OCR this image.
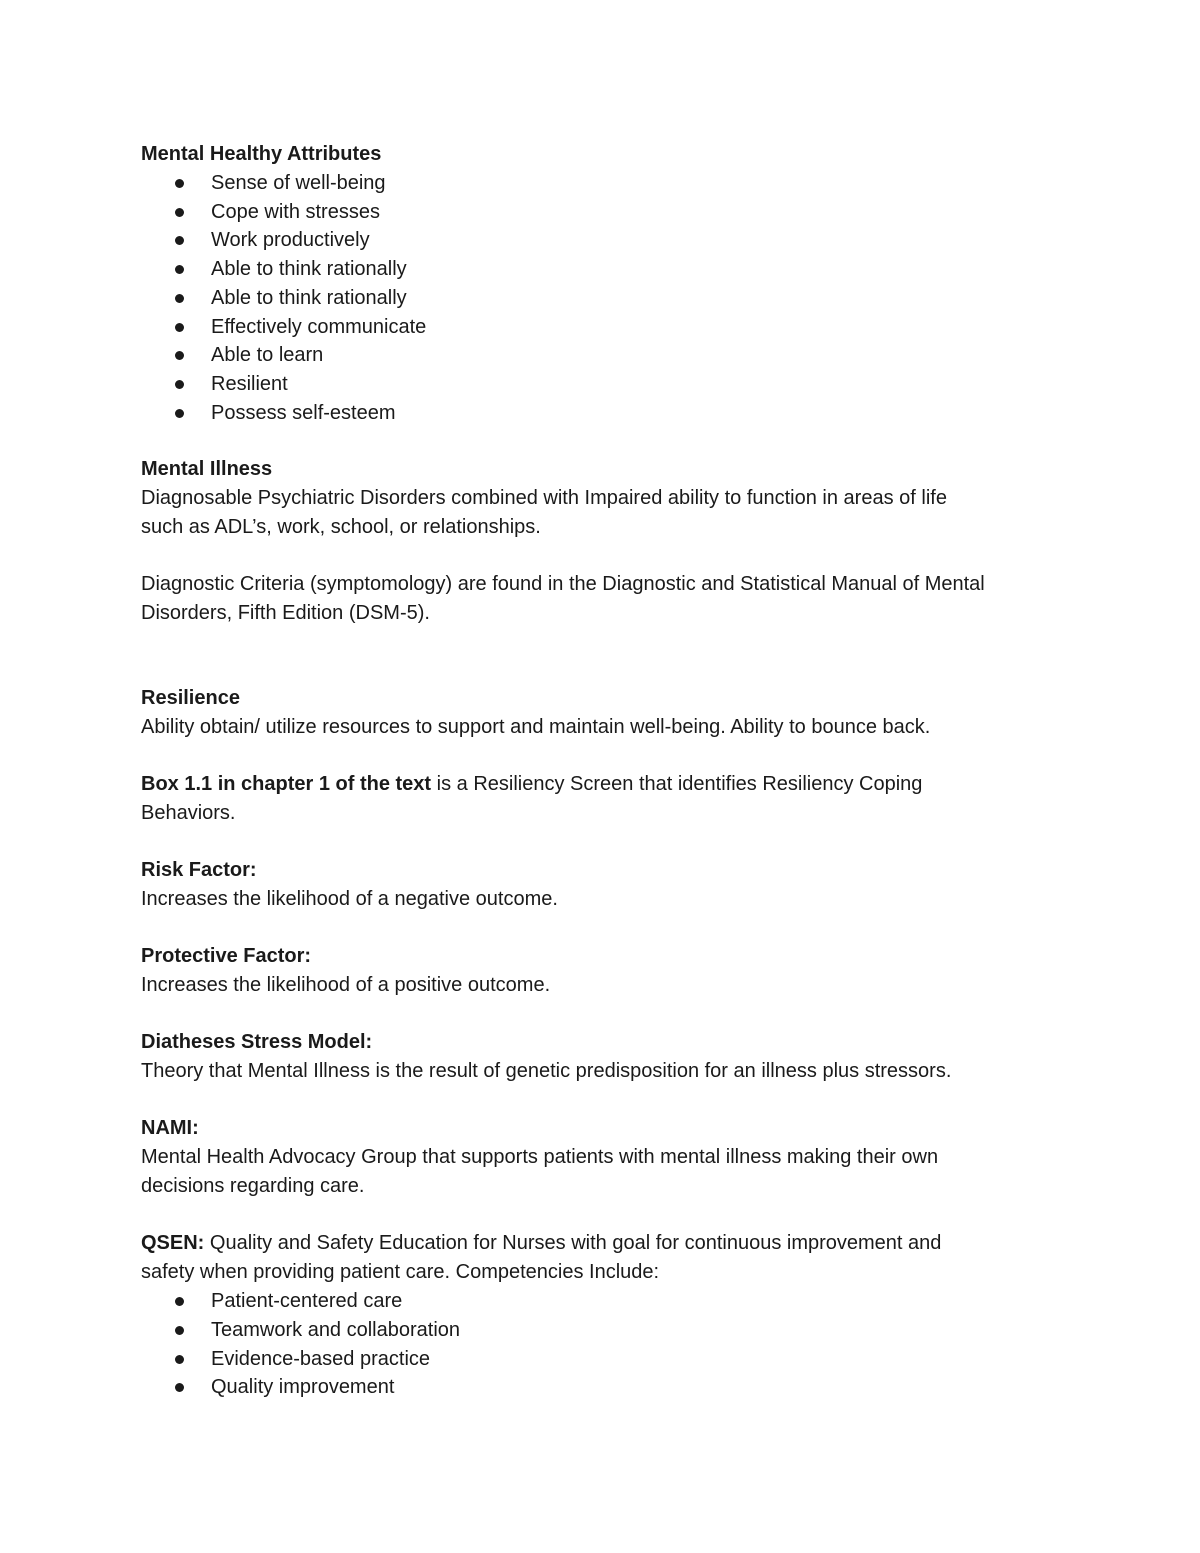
Mental Healthy Attributes

Sense of well-being
Cope with stresses
Work productively
Able to think rationally
Able to think rationally
Effectively communicate
Able to learn
Resilient
Possess self-esteem

Mental Illness

Diagnosable Psychiatric Disorders combined with Impaired ability to function in areas of life

such as ADL’s, work, school, or relationships.

Diagnostic Criteria (symptomology) are found in the Diagnostic and Statistical Manual of Mental

Disorders, Fifth Edition (DSM-5).

Resilience

Ability obtain/ utilize resources to support and maintain well-being. Ability to bounce back.

Box 1.1 in chapter 1 of the text is a Resiliency Screen that identifies Resiliency Coping

Behaviors.

Risk Factor:

Increases the likelihood of a negative outcome.

Protective Factor:

Increases the likelihood of a positive outcome.

Diatheses Stress Model:

Theory that Mental Illness is the result of genetic predisposition for an illness plus stressors.

NAMI:

Mental Health Advocacy Group that supports patients with mental illness making their own

decisions regarding care.

QSEN: Quality and Safety Education for Nurses with goal for continuous improvement and

safety when providing patient care. Competencies Include:

Patient-centered care
Teamwork and collaboration
Evidence-based practice
Quality improvement
